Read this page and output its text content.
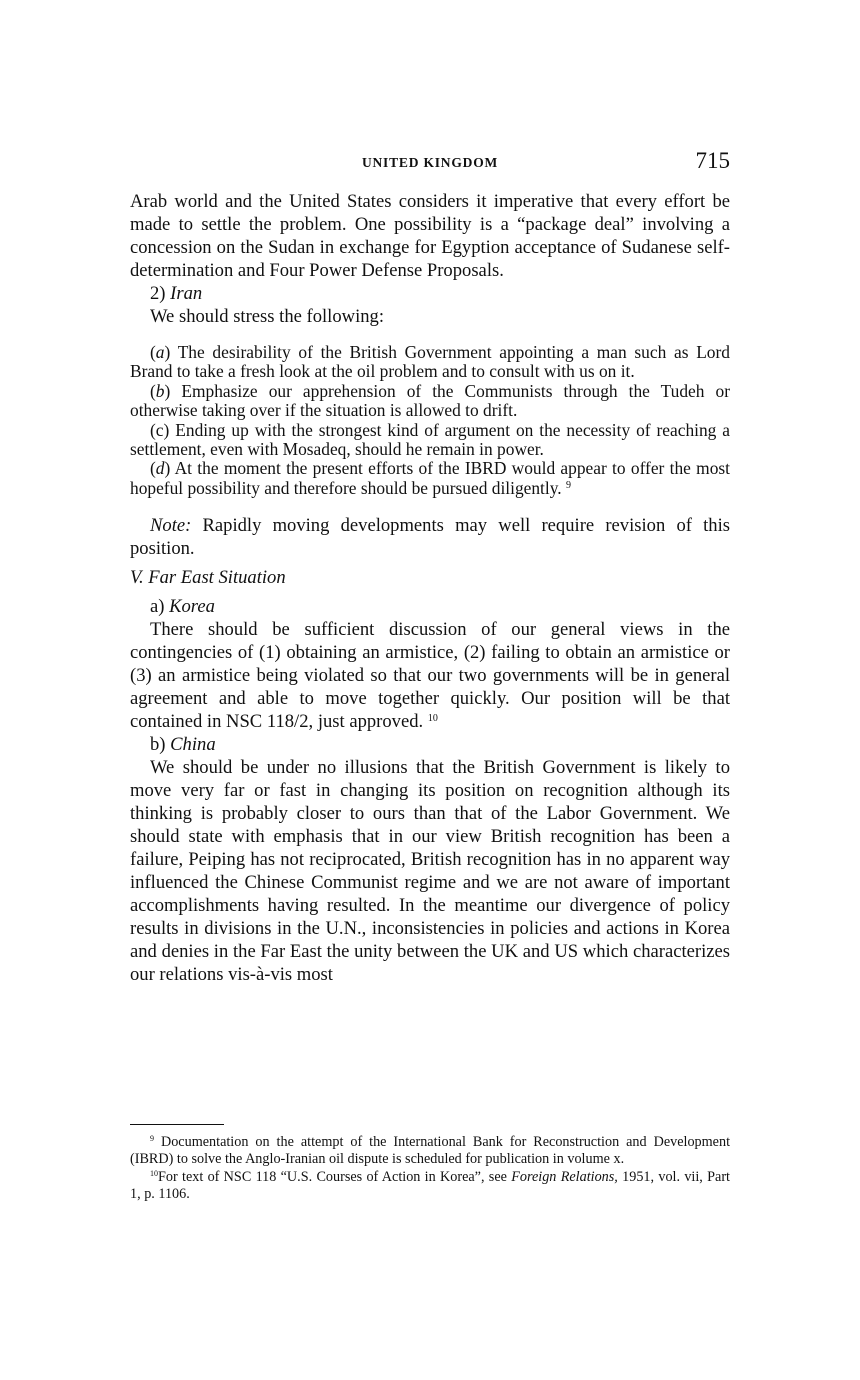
UNITED KINGDOM	715

Arab world and the United States considers it imperative that every effort be made to settle the problem. One possibility is a “package deal” involving a concession on the Sudan in exchange for Egyption acceptance of Sudanese self-determination and Four Power Defense Proposals.

2) Iran

We should stress the following:

(a) The desirability of the British Government appointing a man such as Lord Brand to take a fresh look at the oil problem and to consult with us on it.

(b) Emphasize our apprehension of the Communists through the Tudeh or otherwise taking over if the situation is allowed to drift.

(c) Ending up with the strongest kind of argument on the necessity of reaching a settlement, even with Mosadeq, should he remain in power.

(d) At the moment the present efforts of the IBRD would appear to offer the most hopeful possibility and therefore should be pursued diligently. $^9$

Note: Rapidly moving developments may well require revision of this position.

V. Far East Situation

a) Korea

There should be sufficient discussion of our general views in the contingencies of (1) obtaining an armistice, (2) failing to obtain an armistice or (3) an armistice being violated so that our two governments will be in general agreement and able to move together quickly. Our position will be that contained in NSC 118/2, just approved. $^{10}$

b) China

We should be under no illusions that the British Government is likely to move very far or fast in changing its position on recognition although its thinking is probably closer to ours than that of the Labor Government. We should state with emphasis that in our view British recognition has been a failure, Peiping has not reciprocated, British recognition has in no apparent way influenced the Chinese Communist regime and we are not aware of important accomplishments having resulted. In the meantime our divergence of policy results in divisions in the U.N., inconsistencies in policies and actions in Korea and denies in the Far East the unity between the UK and US which characterizes our relations vis-à-vis most

$^9$ Documentation on the attempt of the International Bank for Reconstruction and Development (IBRD) to solve the Anglo-Iranian oil dispute is scheduled for publication in volume x.

$^{10}$For text of NSC 118 “U.S. Courses of Action in Korea”, see Foreign Relations, 1951, vol. vii, Part 1, p. 1106.
